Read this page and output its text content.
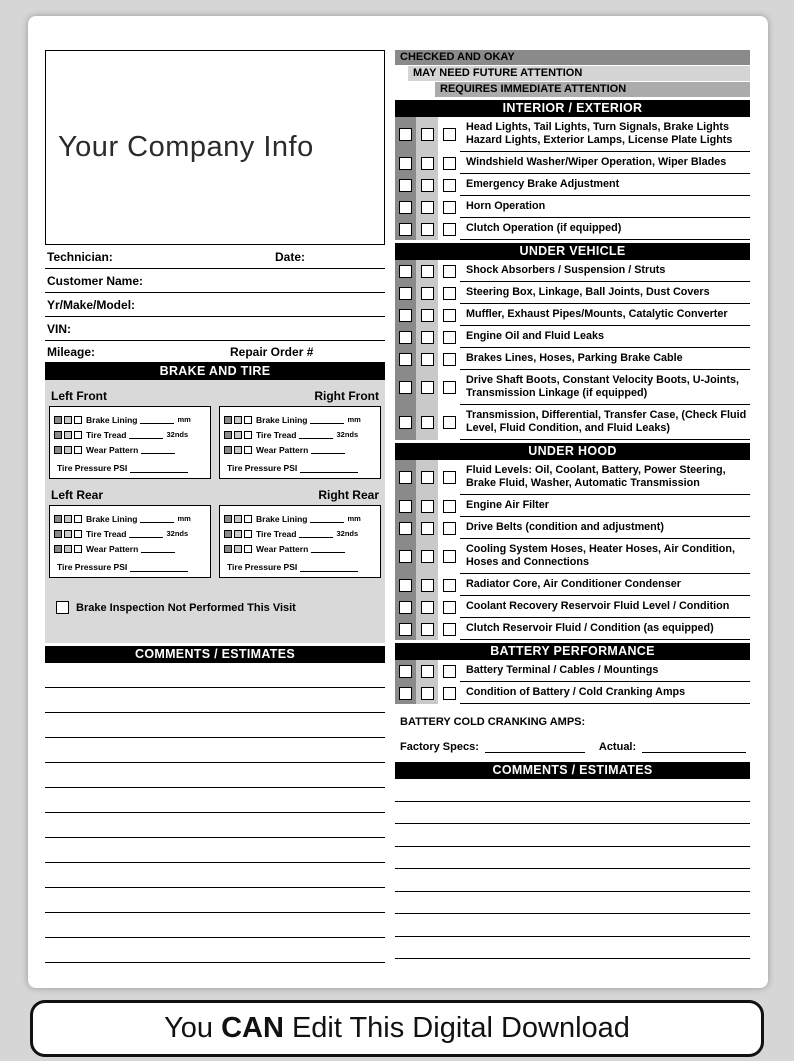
Your Company Info
Technician:	Date:
Customer Name:
Yr/Make/Model:
VIN:
Mileage:	Repair Order #
BRAKE AND TIRE
Left Front
Brake Lining	mm
Tire Tread	32nds
Wear Pattern
Tire Pressure PSI
Right Front
Brake Lining	mm
Tire Tread	32nds
Wear Pattern
Tire Pressure PSI
Left Rear
Brake Lining	mm
Tire Tread	32nds
Wear Pattern
Tire Pressure PSI
Right Rear
Brake Lining	mm
Tire Tread	32nds
Wear Pattern
Tire Pressure PSI
Brake Inspection Not Performed This Visit
COMMENTS / ESTIMATES
CHECKED AND OKAY
MAY NEED FUTURE ATTENTION
REQUIRES IMMEDIATE ATTENTION
INTERIOR / EXTERIOR
Head Lights, Tail Lights, Turn Signals, Brake Lights Hazard Lights, Exterior Lamps, License Plate Lights
Windshield Washer/Wiper Operation, Wiper Blades
Emergency Brake Adjustment
Horn Operation
Clutch Operation (if equipped)
UNDER VEHICLE
Shock Absorbers / Suspension / Struts
Steering Box, Linkage, Ball Joints, Dust Covers
Muffler, Exhaust Pipes/Mounts, Catalytic Converter
Engine Oil and Fluid Leaks
Brakes Lines, Hoses, Parking Brake Cable
Drive Shaft Boots, Constant Velocity Boots, U-Joints, Transmission Linkage (if equipped)
Transmission, Differential, Transfer Case, (Check Fluid Level, Fluid Condition, and Fluid Leaks)
UNDER HOOD
Fluid Levels: Oil, Coolant, Battery, Power Steering, Brake Fluid, Washer, Automatic Transmission
Engine Air Filter
Drive Belts (condition and adjustment)
Cooling System Hoses, Heater Hoses, Air Condition, Hoses and Connections
Radiator Core, Air Conditioner Condenser
Coolant Recovery Reservoir Fluid Level / Condition
Clutch Reservoir Fluid / Condition (as equipped)
BATTERY PERFORMANCE
Battery Terminal / Cables / Mountings
Condition of Battery / Cold Cranking Amps
BATTERY COLD CRANKING AMPS:
Factory Specs:	Actual:
COMMENTS / ESTIMATES
You CAN Edit This Digital Download
